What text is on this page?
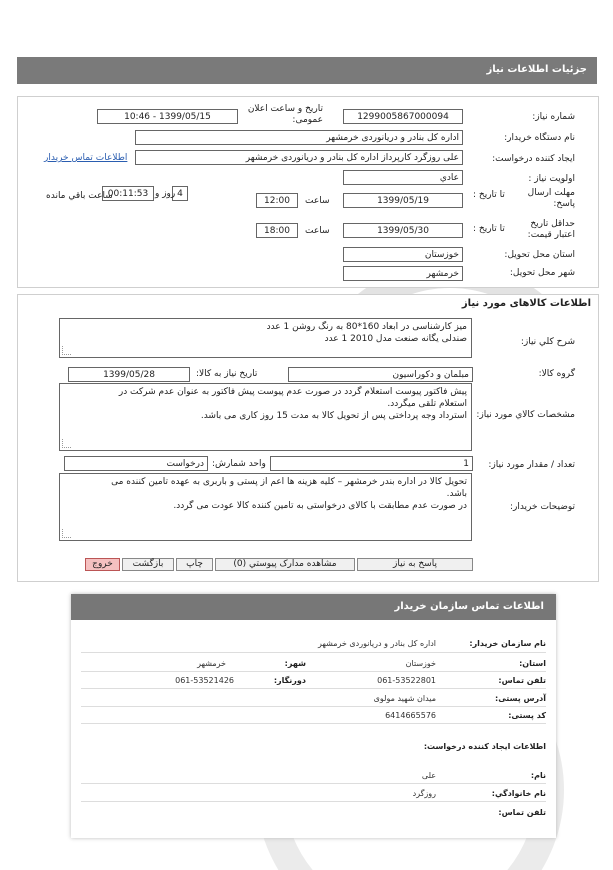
جزئیات اطلاعات نیاز
شماره نیاز:
1299005867000094
تاریخ و ساعت اعلان عمومی:
1399/05/15 - 10:46
نام دستگاه خریدار:
اداره کل بنادر و دریانوردی خرمشهر
ایجاد کننده درخواست:
علی روزگرد کارپرداز اداره کل بنادر و دریانوردی خرمشهر
اطلاعات تماس خریدار
اولویت نیاز :
عادي
مهلت ارسال پاسخ:
تا تاریخ :
1399/05/19
ساعت
12:00
4
روز و
00:11:53
ساعت باقي مانده
حداقل تاریخ اعتبار قیمت:
تا تاریخ :
1399/05/30
ساعت
18:00
استان محل تحویل:
خوزستان
شهر محل تحویل:
خرمشهر
اطلاعات کالاهای مورد نیاز
شرح کلي نیاز:
میز کارشناسی در ابعاد 160*80 به رنگ روشن 1 عدد
صندلی یگانه صنعت مدل 2010 1 عدد
گروه کالا:
مبلمان و دکوراسیون
تاریخ نیاز به کالا:
1399/05/28
مشخصات کالاي مورد نیاز:
پیش فاکتور پیوست استعلام گردد در صورت عدم پیوست پیش فاکتور به عنوان عدم شرکت در
استعلام تلقی میگردد.
استرداد وجه پرداختی پس از تحویل کالا به مدت 15 روز کاری می باشد.
تعداد / مقدار مورد نیاز:
1
واحد شمارش:
درخواست
توضیحات خریدار:
تحویل کالا در اداره بندر خرمشهر – کلیه هزینه ها اعم از پستی و باربری به عهده تامین کننده می
باشد.
در صورت عدم مطابقت با کالای درخواستی به تامین کننده کالا عودت می گردد.
پاسخ به نیاز
مشاهده مدارک پیوستي (0)
چاپ
بازگشت
خروج
اطلاعات تماس سازمان خریدار
نام سازمان خریدار:
اداره کل بنادر و دریانوردی خرمشهر
استان:
خوزستان
شهر:
خرمشهر
تلفن تماس:
061-53522801
دورنگار:
061-53521426
آدرس پستی:
میدان شهید مولوی
کد پستی:
6414665576
اطلاعات ایجاد کننده درخواست:
نام:
علی
نام خانوادگي:
روزگرد
تلفن تماس:
